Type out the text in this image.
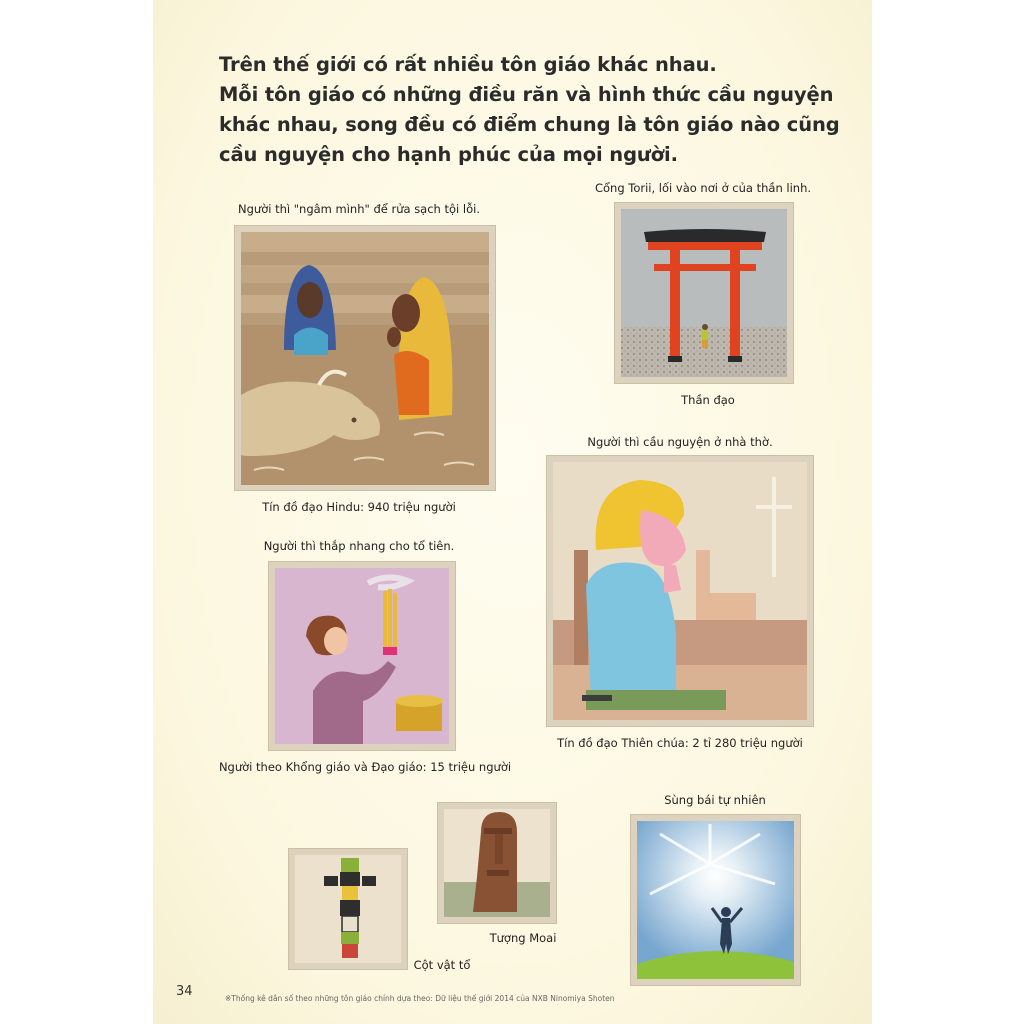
Trên thế giới có rất nhiều tôn giáo khác nhau.
Mỗi tôn giáo có những điều răn và hình thức cầu nguyện
khác nhau, song đều có điểm chung là tôn giáo nào cũng
cầu nguyện cho hạnh phúc của mọi người.
Người thì "ngâm mình" để rửa sạch tội lỗi.
Tín đồ đạo Hindu: 940 triệu người
Cổng Torii, lối vào nơi ở của thần linh.
Thần đạo
Người thì cầu nguyện ở nhà thờ.
Tín đồ đạo Thiên chúa: 2 tỉ 280 triệu người
Người thì thắp nhang cho tổ tiên.
Người theo Khổng giáo và Đạo giáo: 15 triệu người
Cột vật tổ
Tượng Moai
Sùng bái tự nhiên
34	※Thống kê dân số theo những tôn giáo chính dựa theo: Dữ liệu thế giới 2014 của NXB Ninomiya Shoten
